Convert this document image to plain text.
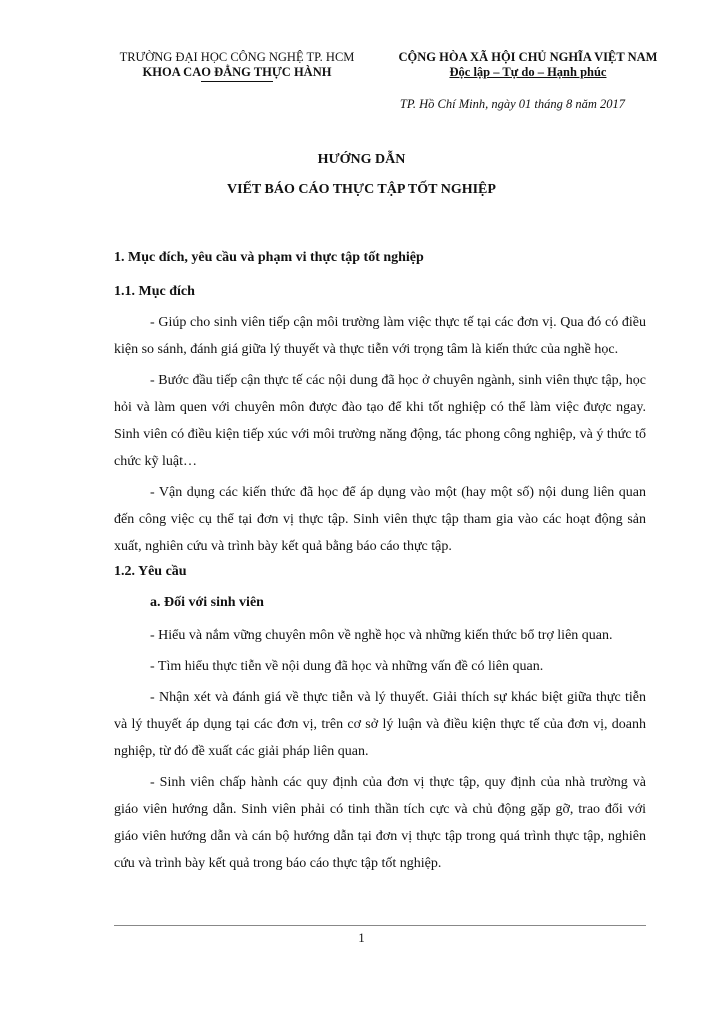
TRƯỜNG ĐẠI HỌC CÔNG NGHỆ TP. HCM
KHOA CAO ĐẲNG THỰC HÀNH
CỘNG HÒA XÃ HỘI CHỦ NGHĨA VIỆT NAM
Độc lập – Tự do – Hạnh phúc
TP. Hồ Chí Minh, ngày 01 tháng 8 năm 2017
HƯỚNG DẪN
VIẾT BÁO CÁO THỰC TẬP TỐT NGHIỆP

1. Mục đích, yêu cầu và phạm vi thực tập tốt nghiệp

1.1. Mục đích

- Giúp cho sinh viên tiếp cận môi trường làm việc thực tế tại các đơn vị. Qua đó có điều kiện so sánh, đánh giá giữa lý thuyết và thực tiễn với trọng tâm là kiến thức của nghề học.

- Bước đầu tiếp cận thực tế các nội dung đã học ở chuyên ngành, sinh viên thực tập, học hỏi và làm quen với chuyên môn được đào tạo để khi tốt nghiệp có thể làm việc được ngay. Sinh viên có điều kiện tiếp xúc với môi trường năng động, tác phong công nghiệp, và ý thức tổ chức kỹ luật…

- Vận dụng các kiến thức đã học để áp dụng vào một (hay một số) nội dung liên quan đến công việc cụ thể tại đơn vị thực tập. Sinh viên thực tập tham gia vào các hoạt động sản xuất, nghiên cứu và trình bày kết quả bằng báo cáo thực tập.

1.2. Yêu cầu

a. Đối với sinh viên

- Hiểu và nắm vững chuyên môn về nghề học và những kiến thức bổ trợ liên quan.

- Tìm hiểu thực tiễn về nội dung đã học và những vấn đề có liên quan.

- Nhận xét và đánh giá về thực tiễn và lý thuyết. Giải thích sự khác biệt giữa thực tiễn và lý thuyết áp dụng tại các đơn vị, trên cơ sở lý luận và điều kiện thực tế của đơn vị, doanh nghiệp, từ đó đề xuất các giải pháp liên quan.

- Sinh viên chấp hành các quy định của đơn vị thực tập, quy định của nhà trường và giáo viên hướng dẫn. Sinh viên phải có tinh thần tích cực và chủ động gặp gỡ, trao đổi với giáo viên hướng dẫn và cán bộ hướng dẫn tại đơn vị thực tập trong quá trình thực tập, nghiên cứu và trình bày kết quả trong báo cáo thực tập tốt nghiệp.

1
